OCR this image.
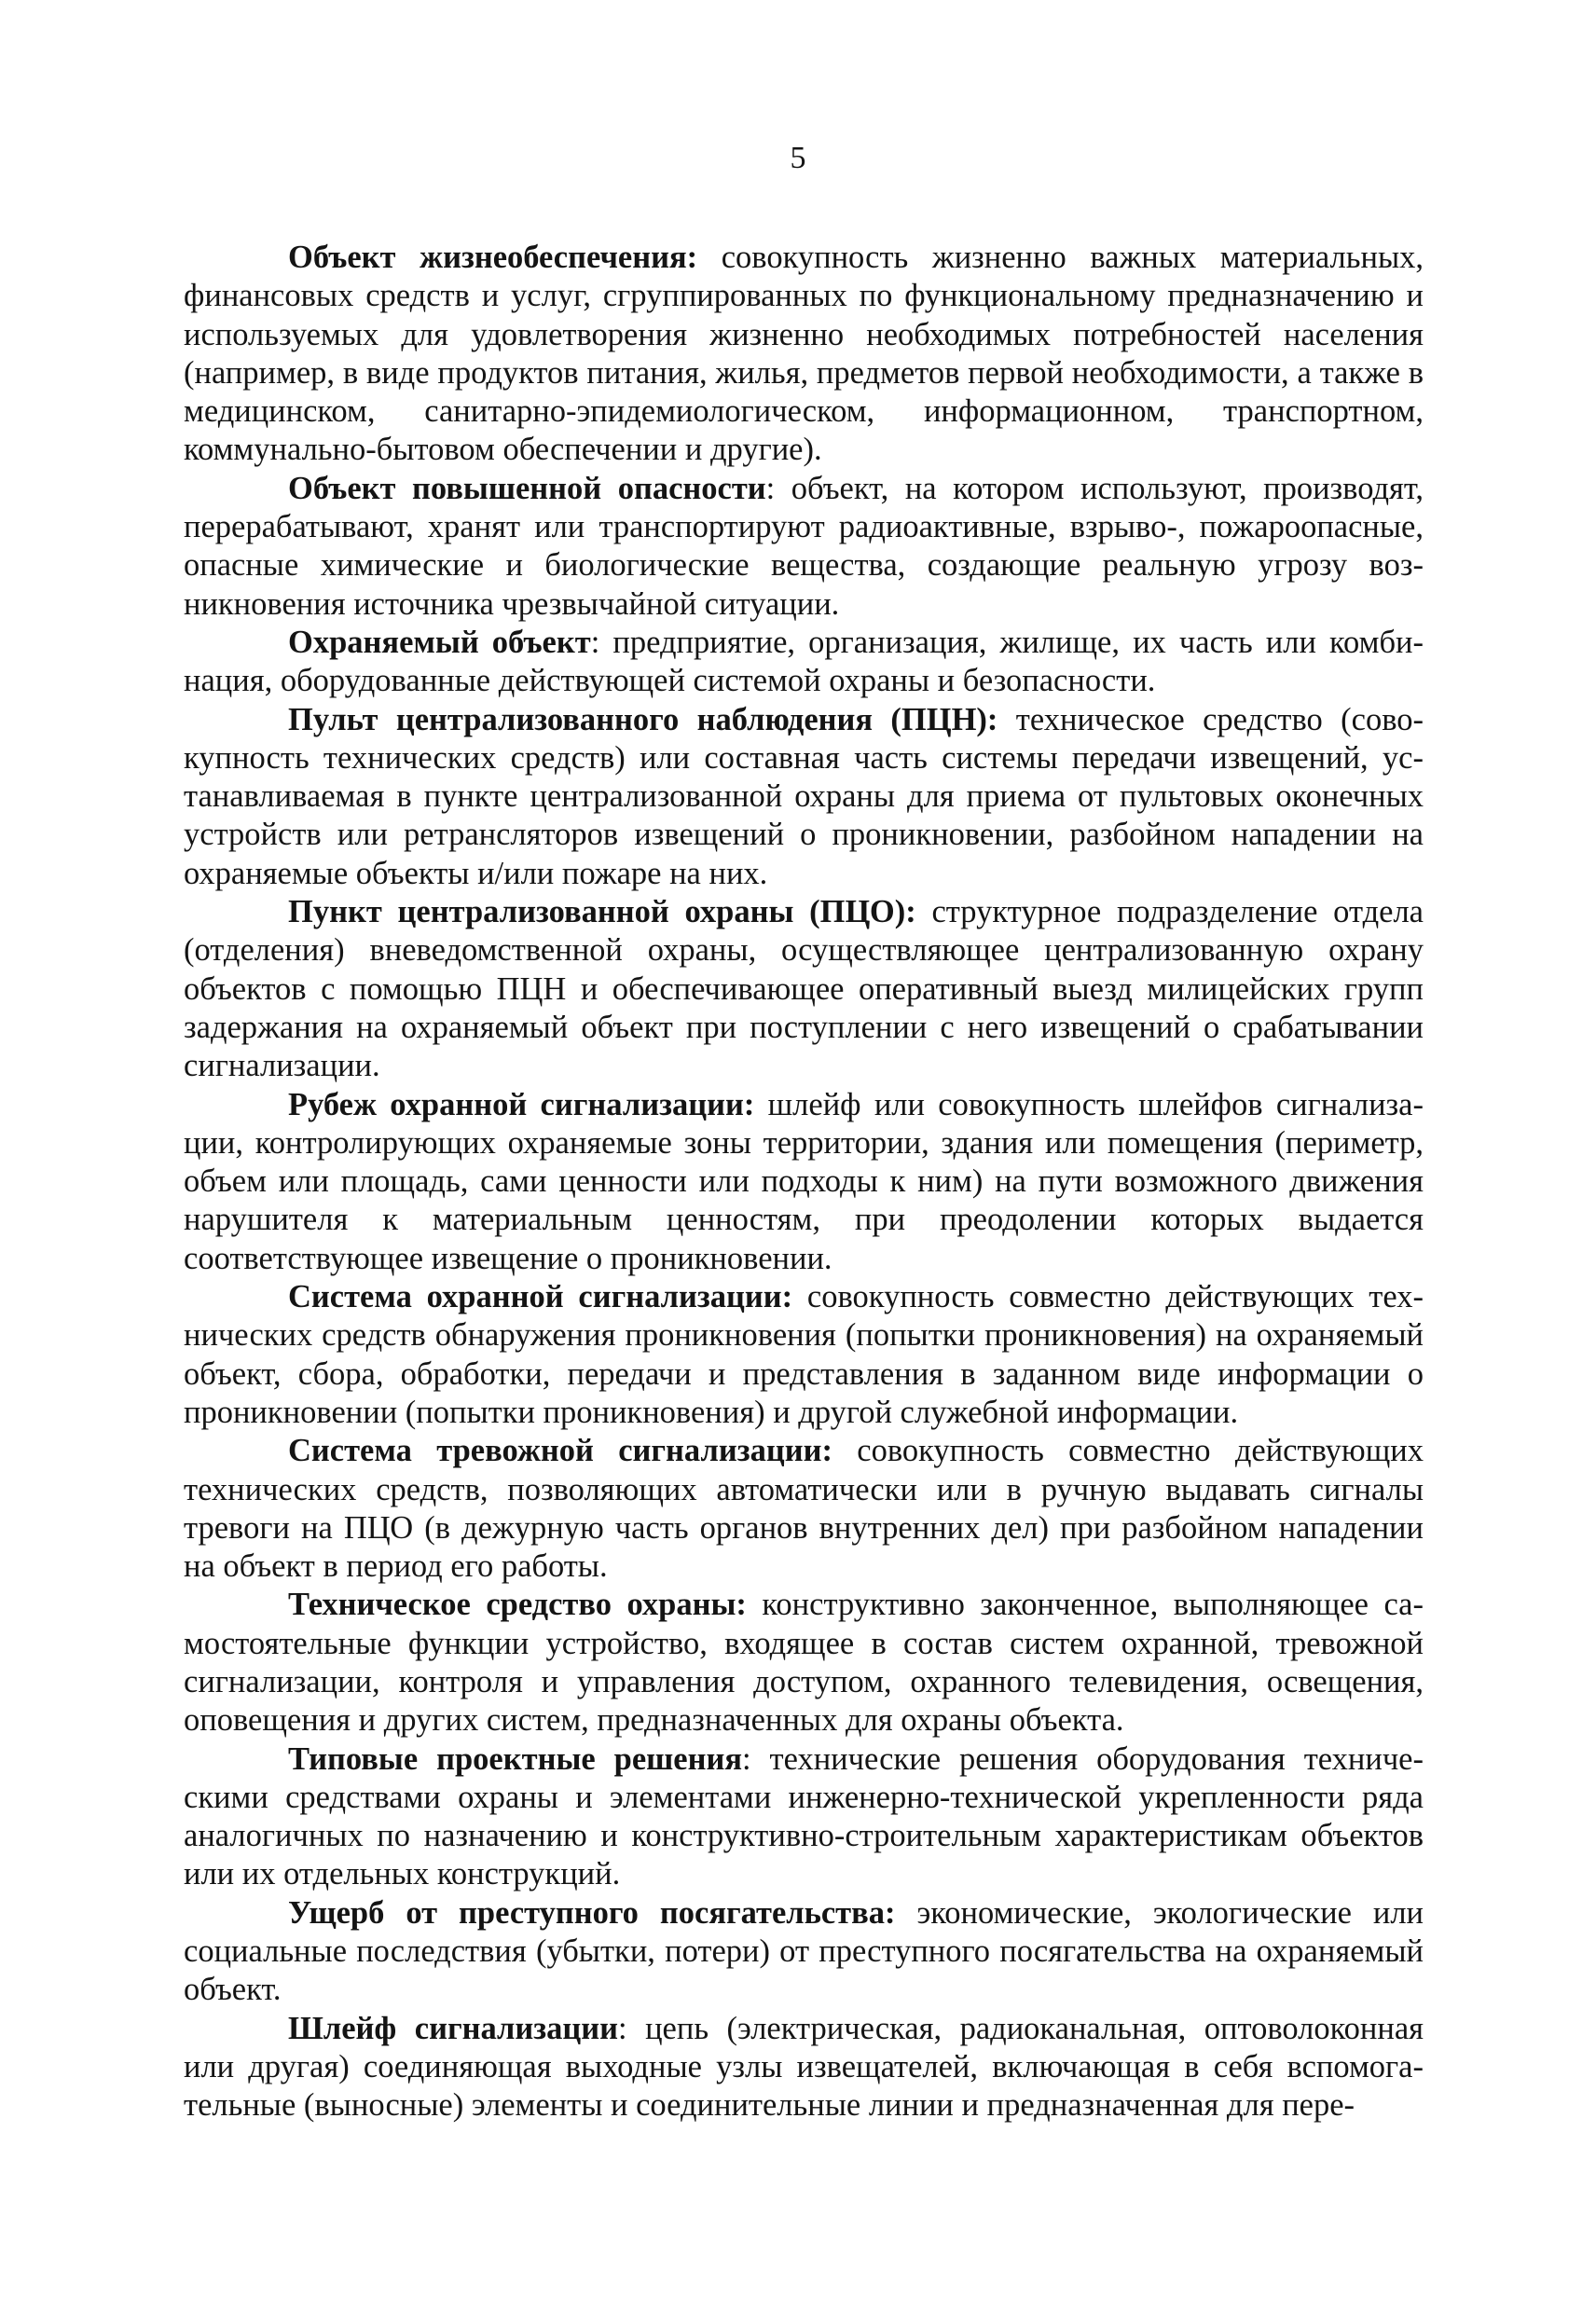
5

Объект жизнеобеспечения: совокупность жизненно важных материальных, финансовых средств и услуг, сгруппированных по функциональному предназначению и используемых для удовлетворения жизненно необходимых потребностей населения (например, в виде продуктов питания, жилья, предметов первой необходимости, а также в медицинском, санитарно-эпидемиологическом, информационном, транспортном, коммунально-бытовом обеспечении и другие).

Объект повышенной опасности: объект, на котором используют, производят, перерабатывают, хранят или транспортируют радиоактивные, взрыво-, пожароопасные, опасные химические и биологические вещества, создающие реальную угрозу возникновения источника чрезвычайной ситуации.

Охраняемый объект: предприятие, организация, жилище, их часть или комбинация, оборудованные действующей системой охраны и безопасности.

Пульт централизованного наблюдения (ПЦН): техническое средство (совокупность технических средств) или составная часть системы передачи извещений, устанавливаемая в пункте централизованной охраны для приема от пультовых оконечных устройств или ретрансляторов извещений о проникновении, разбойном нападении на охраняемые объекты и/или пожаре на них.

Пункт централизованной охраны (ПЦО): структурное подразделение отдела (отделения) вневедомственной охраны, осуществляющее централизованную охрану объектов с помощью ПЦН и обеспечивающее оперативный выезд милицейских групп задержания на охраняемый объект при поступлении с него извещений о срабатывании сигнализации.

Рубеж охранной сигнализации: шлейф или совокупность шлейфов сигнализации, контролирующих охраняемые зоны территории, здания или помещения (периметр, объем или площадь, сами ценности или подходы к ним) на пути возможного движения нарушителя к материальным ценностям, при преодолении которых выдается соответствующее извещение о проникновении.

Система охранной сигнализации: совокупность совместно действующих технических средств обнаружения проникновения (попытки проникновения) на охраняемый объект, сбора, обработки, передачи и представления в заданном виде информации о проникновении (попытки проникновения) и другой служебной информации.

Система тревожной сигнализации: совокупность совместно действующих технических средств, позволяющих автоматически или в ручную выдавать сигналы тревоги на ПЦО (в дежурную часть органов внутренних дел) при разбойном нападении на объект в период его работы.

Техническое средство охраны: конструктивно законченное, выполняющее самостоятельные функции устройство, входящее в состав систем охранной, тревожной сигнализации, контроля и управления доступом, охранного телевидения, освещения, оповещения и других систем, предназначенных для охраны объекта.

Типовые проектные решения: технические решения оборудования техническими средствами охраны и элементами инженерно-технической укрепленности ряда аналогичных по назначению и конструктивно-строительным характеристикам объектов или их отдельных конструкций.

Ущерб от преступного посягательства: экономические, экологические или социальные последствия (убытки, потери) от преступного посягательства на охраняемый объект.

Шлейф сигнализации: цепь (электрическая, радиоканальная, оптоволоконная или другая) соединяющая выходные узлы извещателей, включающая в себя вспомогательные (выносные) элементы и соединительные линии и предназначенная для пере-
